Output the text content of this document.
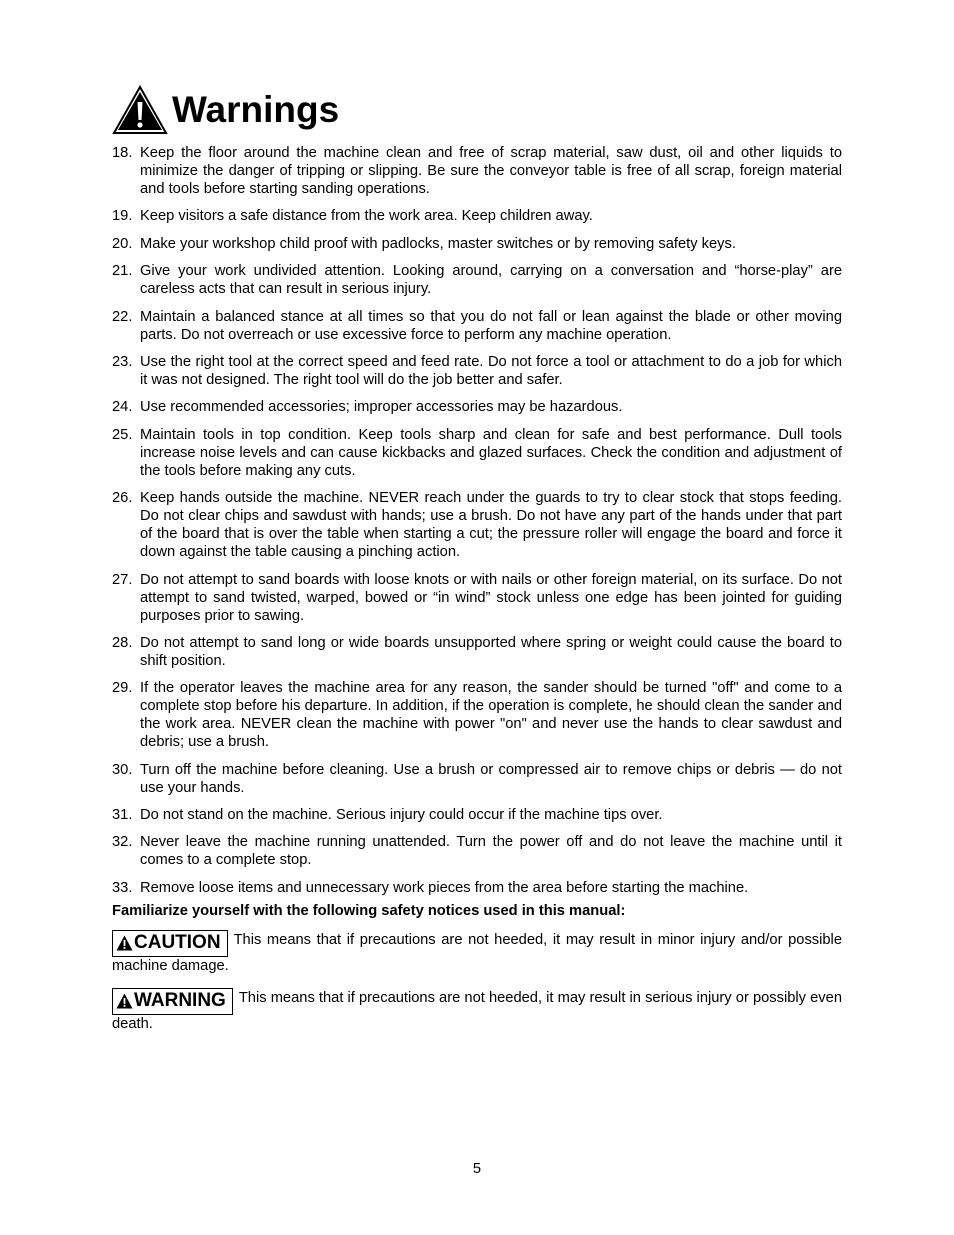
Warnings
18. Keep the floor around the machine clean and free of scrap material, saw dust, oil and other liquids to minimize the danger of tripping or slipping. Be sure the conveyor table is free of all scrap, foreign material and tools before starting sanding operations.
19. Keep visitors a safe distance from the work area. Keep children away.
20. Make your workshop child proof with padlocks, master switches or by removing safety keys.
21. Give your work undivided attention. Looking around, carrying on a conversation and “horse-play” are careless acts that can result in serious injury.
22. Maintain a balanced stance at all times so that you do not fall or lean against the blade or other moving parts. Do not overreach or use excessive force to perform any machine operation.
23. Use the right tool at the correct speed and feed rate. Do not force a tool or attachment to do a job for which it was not designed. The right tool will do the job better and safer.
24. Use recommended accessories; improper accessories may be hazardous.
25. Maintain tools in top condition. Keep tools sharp and clean for safe and best performance. Dull tools increase noise levels and can cause kickbacks and glazed surfaces. Check the condition and adjustment of the tools before making any cuts.
26. Keep hands outside the machine. NEVER reach under the guards to try to clear stock that stops feeding. Do not clear chips and sawdust with hands; use a brush. Do not have any part of the hands under that part of the board that is over the table when starting a cut; the pressure roller will engage the board and force it down against the table causing a pinching action.
27. Do not attempt to sand boards with loose knots or with nails or other foreign material, on its surface. Do not attempt to sand twisted, warped, bowed or “in wind” stock unless one edge has been jointed for guiding purposes prior to sawing.
28. Do not attempt to sand long or wide boards unsupported where spring or weight could cause the board to shift position.
29. If the operator leaves the machine area for any reason, the sander should be turned "off" and come to a complete stop before his departure. In addition, if the operation is complete, he should clean the sander and the work area. NEVER clean the machine with power "on" and never use the hands to clear sawdust and debris; use a brush.
30. Turn off the machine before cleaning. Use a brush or compressed air to remove chips or debris — do not use your hands.
31. Do not stand on the machine. Serious injury could occur if the machine tips over.
32. Never leave the machine running unattended. Turn the power off and do not leave the machine until it comes to a complete stop.
33. Remove loose items and unnecessary work pieces from the area before starting the machine.
Familiarize yourself with the following safety notices used in this manual:
CAUTION This means that if precautions are not heeded, it may result in minor injury and/or possible machine damage.
WARNING This means that if precautions are not heeded, it may result in serious injury or possibly even death.
5
